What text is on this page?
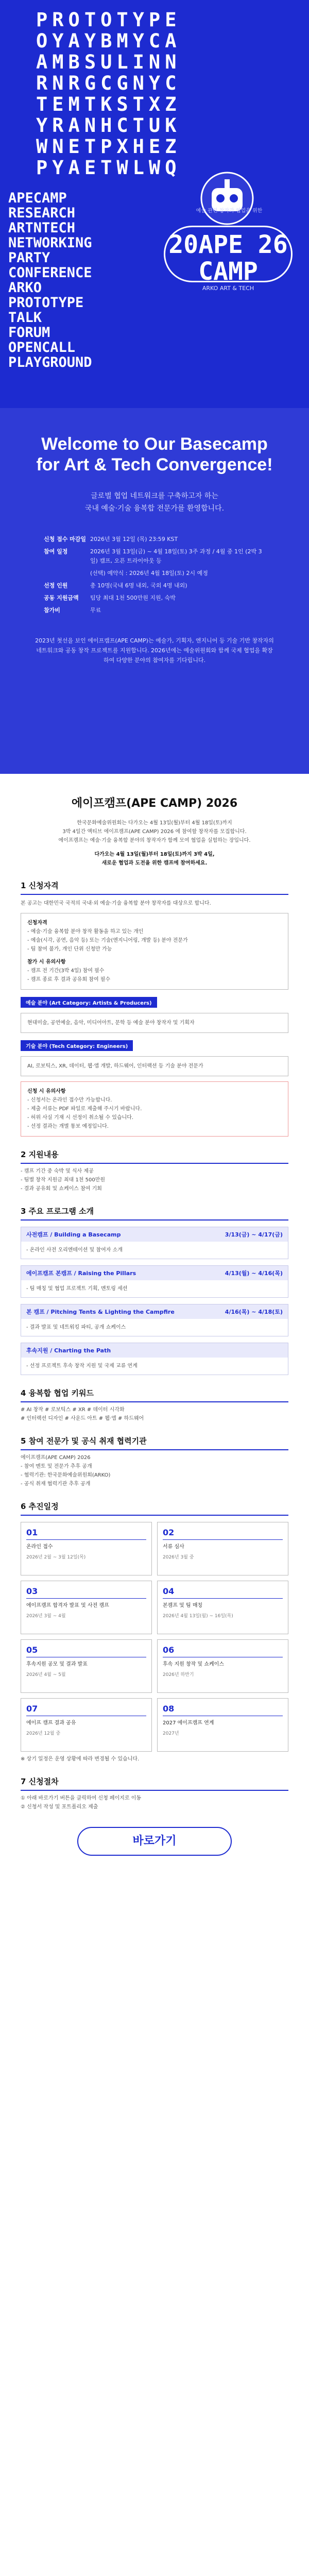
PROTOTYPE
OYAYBMYCA
AMBSULINN
RNRGCGNYC
TEMTKSTXZ
YRANHCTUK
WNETPXHEZ
PYAETWLWQ
APECAMP
RESEARCH
ARTNTECH
NETWORKING
PARTY
CONFERENCE
ARKO
PROTOTYPE
TALK
FORUM
OPENCALL
PLAYGROUND
예술 관련 창작과 협업을 위한
20APE 26 CAMP
ARKO ART & TECH
Welcome to Our Basecamp
for Art & Tech Convergence!
글로벌 협업 네트워크를 구축하고자 하는
국내 예술·기술 융복합 전문가를 환영합니다.
신청 접수 마감일 2026년 3월 12일 (목) 23:59 KST
참여 일정	2026년 3월 13일(금) ~ 4월 18일(토) 3주 과정 / 4월 중 1인 (2박 3일) 캠프, 오픈 트라이아웃 등
(선택) 예약식 : 2026년 4월 18일(토) 2시 예정
선정 인원	총 10명(국내 6명 내외, 국외 4명 내외)
공동 지원금액	팀당 최대 1천 500만원 지원, 숙박
참가비	무료
2023년 첫선을 보인 에이프캠프(APE CAMP)는 예술가, 기획자, 엔지니어 등 기술 기반 창작자의 네트워크와 공동 창작 프로젝트를 지원합니다. 2026년에는 예술위원회와 함께 국제 협업을 확장하여 다양한 분야의 참여자를 기다립니다.
에이프캠프(APE CAMP) 2026

한국문화예술위원회는 다가오는 4월 13일(월)부터 4월 18일(토)까지

3박 4일간 액티브 에이프캠프(APE CAMP) 2026 에 참여할 창작자를 모집합니다.

에이프캠프는 예술·기술 융복합 분야의 창작자가 함께 모여 협업을 실험하는 장입니다.

다가오는 4월 13일(월)부터 18일(토)까지 3박 4일,

새로운 협업과 도전을 위한 캠프에 참여하세요.

1 신청자격

본 공고는 대한민국 국적의 국내·외 예술·기술 융복합 분야 창작자를 대상으로 합니다.

신청자격
- 예술·기술 융복합 분야 창작 활동을 하고 있는 개인
- 예술(시각, 공연, 음악 등) 또는 기술(엔지니어링, 개발 등) 분야 전문가
- 팀 참여 불가, 개인 단위 신청만 가능
참가 시 유의사항
- 캠프 전 기간(3박 4일) 참여 필수
- 캠프 종료 후 결과 공유회 참여 필수
예술 분야 (Art Category: Artists & Producers)
현대미술, 공연예술, 음악, 미디어아트, 문학 등 예술 분야 창작자 및 기획자
기술 분야 (Tech Category: Engineers)
AI, 로보틱스, XR, 데이터, 웹·앱 개발, 하드웨어, 인터랙션 등 기술 분야 전문가
신청 시 유의사항
- 신청서는 온라인 접수만 가능합니다.
- 제출 서류는 PDF 파일로 제출해 주시기 바랍니다.
- 허위 사실 기재 시 선정이 취소될 수 있습니다.
- 선정 결과는 개별 통보 예정입니다.
2 지원내용
- 캠프 기간 중 숙박 및 식사 제공
- 팀별 창작 지원금 최대 1천 500만원
- 결과 공유회 및 쇼케이스 참여 기회
3 주요 프로그램 소개
사전캠프 / Building a Basecamp	3/13(금) ~ 4/17(금)
- 온라인 사전 오리엔테이션 및 참여자 소개
에이프캠프 본캠프 / Raising the Pillars	4/13(월) ~ 4/16(목)
- 팀 매칭 및 협업 프로젝트 기획, 멘토링 세션
본 캠프 / Pitching Tents & Lighting the Campfire	4/16(목) ~ 4/18(토)
- 결과 발표 및 네트워킹 파티, 공개 쇼케이스
후속지원 / Charting the Path
- 선정 프로젝트 후속 창작 지원 및 국제 교류 연계
4 융복합 협업 키워드
# AI 창작 # 로보틱스 # XR # 데이터 시각화
# 인터랙션 디자인 # 사운드 아트 # 웹·앱 # 하드웨어
5 참여 전문가 및 공식 취재 협력기관
에이프캠프(APE CAMP) 2026
- 참여 멘토 및 전문가 추후 공개
- 협력기관: 한국문화예술위원회(ARKO)
- 공식 취재 협력기관 추후 공개
6 추진일정
01
온라인 접수
2026년 2월 ~ 3월 12일(목)
02
서류 심사
2026년 3월 중
03
에이프캠프 합격자 발표 및 사전 캠프
2026년 3월 ~ 4월
04
본캠프 및 팀 매칭
2026년 4월 13일(월) ~ 16일(목)
05
후속지원 공모 및 결과 발표
2026년 4월 ~ 5월
06
후속 지원 창작 및 쇼케이스
2026년 하반기
07
에이프 캠프 결과 공유
2026년 12월 중
08
2027 에이프캠프 연계
2027년

※ 상기 일정은 운영 상황에 따라 변경될 수 있습니다.

7 신청절차
① 아래 바로가기 버튼을 클릭하여 신청 페이지로 이동
② 신청서 작성 및 포트폴리오 제출
바로가기
